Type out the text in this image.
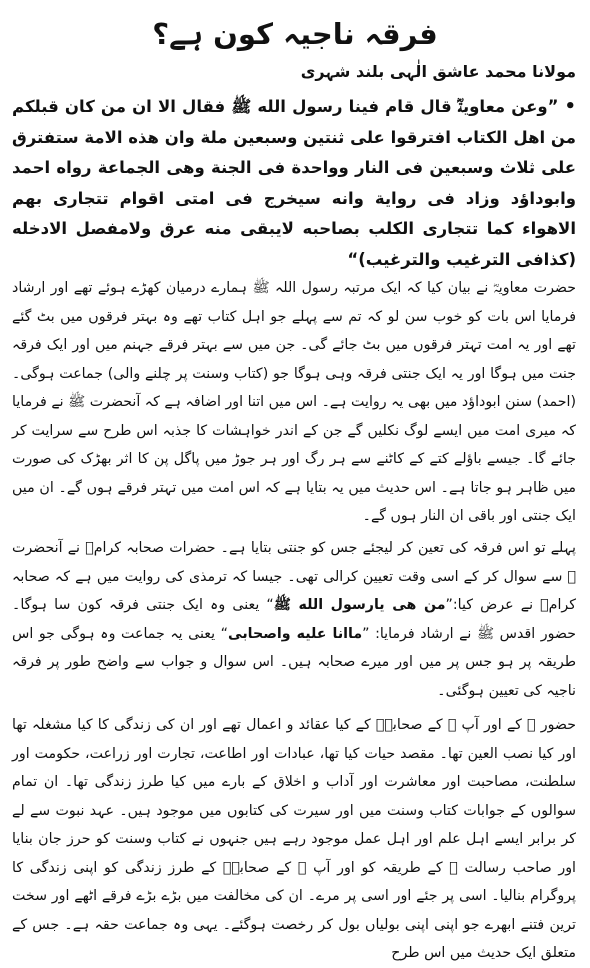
فرقہ ناجیہ کون ہے؟
مولانا محمد عاشق الٰہی بلند شہری
•”وعن معاويةؓ قال قام فينا رسول الله ﷺ فقال الا ان من كان قبلكم من اهل الكتاب افترقوا على ثنتين وسبعين ملة وان هذه الامة ستفترق على ثلاث وسبعين فى النار وواحدة فى الجنة وهى الجماعة رواه احمد وابوداؤد وزاد فى رواية وانه سيخرج فى امتى اقوام تتجارى بهم الاهواء كما تتجارى الكلب بصاحبه لايبقى منه عرق ولامفصل الادخله (كذافى الترغيب والترغيب)“

حضرت معاویہؓ نے بیان کیا کہ ایک مرتبہ رسول اللہ ﷺ ہمارے درمیان کھڑے ہوئے تھے اور ارشاد فرمایا اس بات کو خوب سن لو کہ تم سے پہلے جو اہل کتاب تھے وہ بہتر فرقوں میں بٹ گئے تھے اور یہ امت تہتر فرقوں میں بٹ جائے گی۔ جن میں سے بہتر فرقے جہنم میں اور ایک فرقہ جنت میں ہوگا اور یہ ایک جنتی فرقہ وہی ہوگا جو (کتاب وسنت پر چلنے والی) جماعت ہوگی۔ (احمد) سنن ابوداؤد میں بھی یہ روایت ہے۔ اس میں اتنا اور اضافہ ہے کہ آنحضرت ﷺ نے فرمایا کہ میری امت میں ایسے لوگ نکلیں گے جن کے اندر خواہشات کا جذبہ اس طرح سے سرایت کر جائے گا۔ جیسے باؤلے کتے کے کاٹنے سے ہر رگ اور ہر جوڑ میں پاگل پن کا اثر بھڑک کی صورت میں ظاہر ہو جاتا ہے۔ اس حدیث میں یہ بتایا ہے کہ اس امت میں تہتر فرقے ہوں گے۔ ان میں ایک جنتی اور باقی ان النار ہوں گے۔

پہلے تو اس فرقہ کی تعین کر لیجئے جس کو جنتی بتایا ہے۔ حضرات صحابہ کرامؓ نے آنحضرت ﷺ سے سوال کر کے اسی وقت تعیین کرالی تھی۔ جیسا کہ ترمذی کی روایت میں ہے کہ صحابہ کرامؓ نے عرض کیا:”من هى يارسول الله ﷺ“ یعنی وہ ایک جنتی فرقہ کون سا ہوگا۔ حضور اقدس ﷺ نے ارشاد فرمایا: ”ماانا عليه واصحابى“ یعنی یہ جماعت وہ ہوگی جو اس طریقہ پر ہو جس پر میں اور میرے صحابہ ہیں۔ اس سوال و جواب سے واضح طور پر فرقہ ناجیہ کی تعیین ہوگئی۔

حضور ﷺ کے اور آپ ﷺ کے صحابہؓ کے کیا عقائد و اعمال تھے اور ان کی زندگی کا کیا مشغلہ تھا اور کیا نصب العین تھا۔ مقصد حیات کیا تھا، عبادات اور اطاعت، تجارت اور زراعت، حکومت اور سلطنت، مصاحبت اور معاشرت اور آداب و اخلاق کے بارے میں کیا طرز زندگی تھا۔ ان تمام سوالوں کے جوابات کتاب وسنت میں اور سیرت کی کتابوں میں موجود ہیں۔ عہد نبوت سے لے کر برابر ایسے اہل علم اور اہل عمل موجود رہے ہیں جنہوں نے کتاب وسنت کو حرز جان بنایا اور صاحب رسالت ﷺ کے طریقہ کو اور آپ ﷺ کے صحابہؓ کے طرز زندگی کو اپنی زندگی کا پروگرام بنالیا۔ اسی پر جئے اور اسی پر مرے۔ ان کی مخالفت میں بڑے بڑے فرقے اٹھے اور سخت ترین فتنے ابھرے جو اپنی اپنی بولیاں بول کر رخصت ہوگئے۔ یہی وہ جماعت حقہ ہے۔ جس کے متعلق ایک حدیث میں اس طرح
